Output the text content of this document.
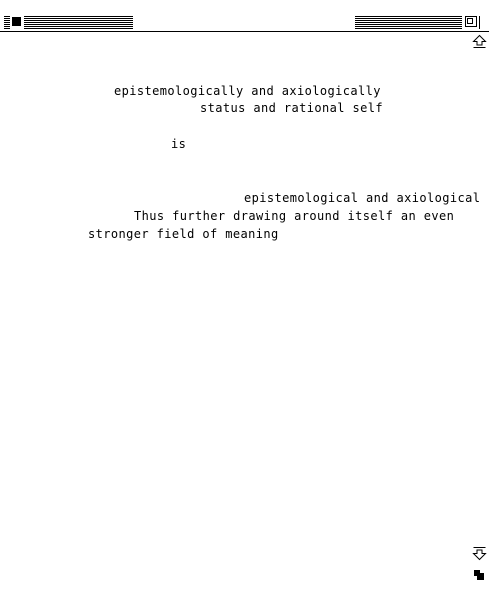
epistemologically and axiologically
status and rational self
is
epistemological and axiological
Thus further drawing around itself an even
stronger field of meaning
